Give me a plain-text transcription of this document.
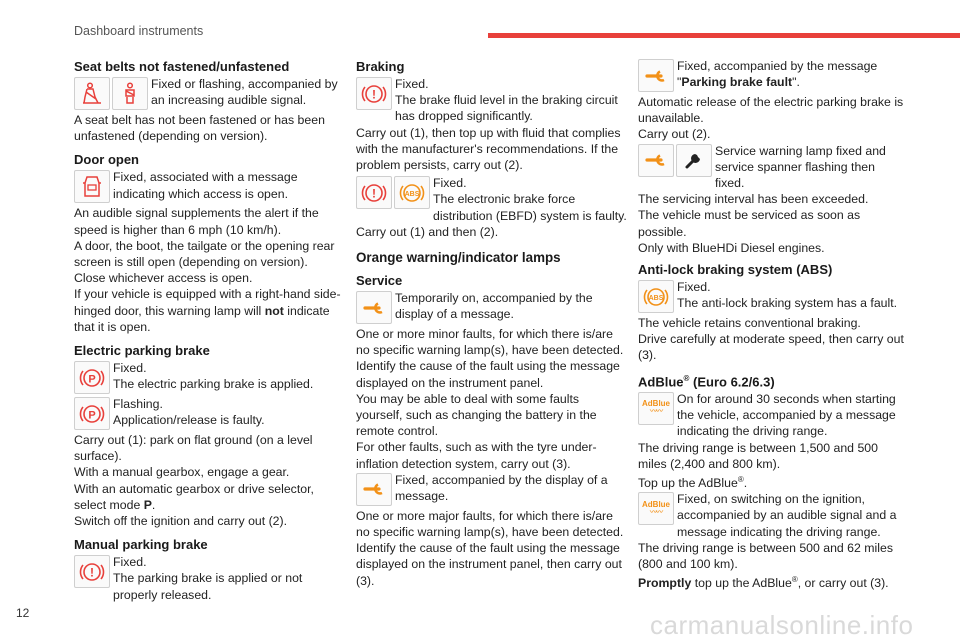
Dashboard instruments
Seat belts not fastened/unfastened
Fixed or flashing, accompanied by an increasing audible signal.
A seat belt has not been fastened or has been unfastened (depending on version).
Door open
Fixed, associated with a message indicating which access is open.
An audible signal supplements the alert if the speed is higher than 6 mph (10 km/h).
A door, the boot, the tailgate or the opening rear screen is still open (depending on version).
Close whichever access is open.
If your vehicle is equipped with a right-hand side-hinged door, this warning lamp will not indicate that it is open.
Electric parking brake
P
Fixed.
The electric parking brake is applied.
P
Flashing.
Application/release is faulty.
Carry out (1): park on flat ground (on a level surface).
With a manual gearbox, engage a gear.
With an automatic gearbox or drive selector, select mode P.
Switch off the ignition and carry out (2).
Manual parking brake
!
Fixed.
The parking brake is applied or not properly released.
Braking
!
Fixed.
The brake fluid level in the braking circuit has dropped significantly.
Carry out (1), then top up with fluid that complies with the manufacturer's recommendations. If the problem persists, carry out (2).
!	ABS
Fixed.
The electronic brake force distribution (EBFD) system is faulty.
Carry out (1) and then (2).
Orange warning/indicator lamps
Service
Temporarily on, accompanied by the display of a message.
One or more minor faults, for which there is/are no specific warning lamp(s), have been detected.
Identify the cause of the fault using the message displayed on the instrument panel.
You may be able to deal with some faults yourself, such as changing the battery in the remote control.
For other faults, such as with the tyre under-inflation detection system, carry out (3).
Fixed, accompanied by the display of a message.
One or more major faults, for which there is/are no specific warning lamp(s), have been detected.
Identify the cause of the fault using the message displayed on the instrument panel, then carry out (3).
Fixed, accompanied by the message "Parking brake fault".
Automatic release of the electric parking brake is unavailable.
Carry out (2).
Service warning lamp fixed and service spanner flashing then fixed.
The servicing interval has been exceeded.
The vehicle must be serviced as soon as possible.
Only with BlueHDi Diesel engines.
Anti-lock braking system (ABS)
ABS
Fixed.
The anti-lock braking system has a fault.
The vehicle retains conventional braking.
Drive carefully at moderate speed, then carry out (3).
AdBlue® (Euro 6.2/6.3)
AdBlue
〰〰
On for around 30 seconds when starting the vehicle, accompanied by a message indicating the driving range.
The driving range is between 1,500 and 500 miles (2,400 and 800 km).
Top up the AdBlue®.
AdBlue
〰〰
Fixed, on switching on the ignition, accompanied by an audible signal and a message indicating the driving range.
The driving range is between 500 and 62 miles (800 and 100 km).
Promptly top up the AdBlue®, or carry out (3).
12	carmanualsonline.info
